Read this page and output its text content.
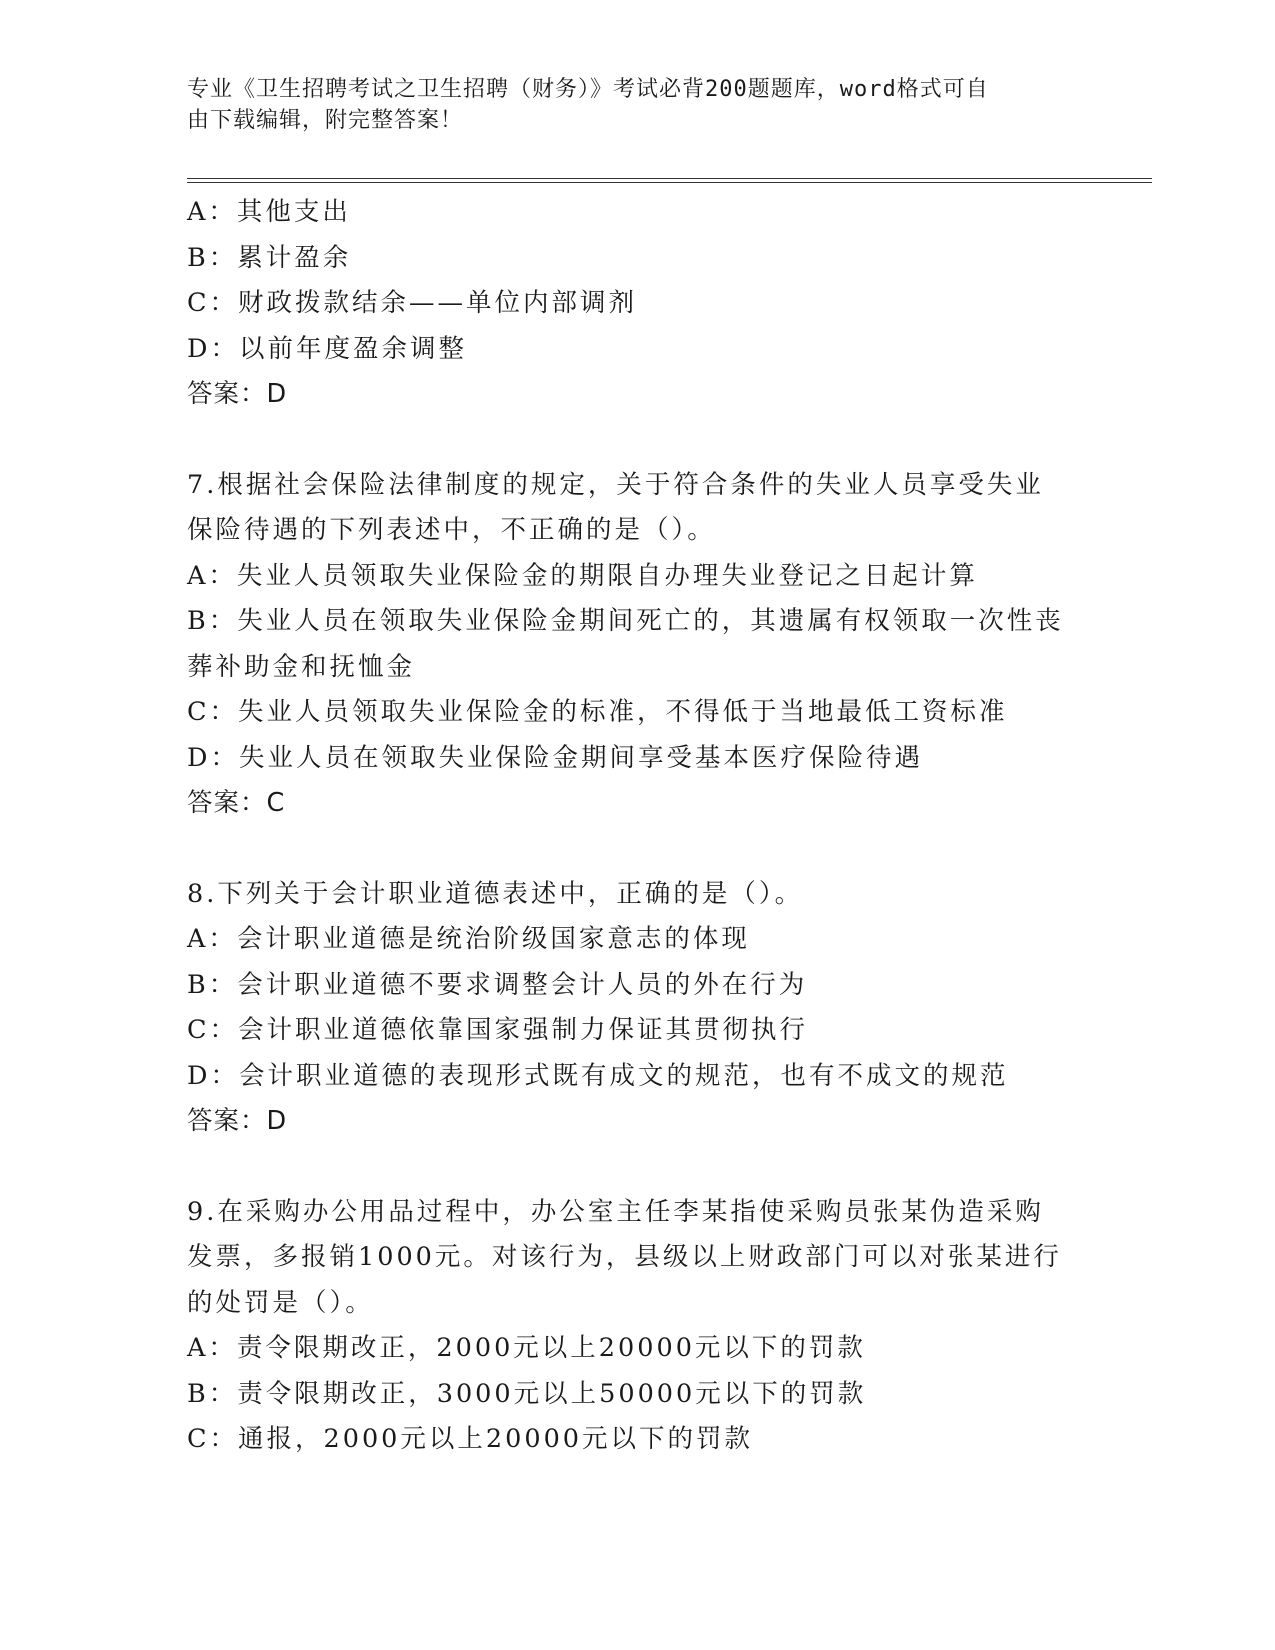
专业《卫生招聘考试之卫生招聘（财务）》考试必背200题题库，word格式可自
由下载编辑，附完整答案！
A：其他支出
B：累计盈余
C：财政拨款结余——单位内部调剂
D：以前年度盈余调整
答案：D
7.根据社会保险法律制度的规定，关于符合条件的失业人员享受失业
保险待遇的下列表述中，不正确的是（）。
A：失业人员领取失业保险金的期限自办理失业登记之日起计算
B：失业人员在领取失业保险金期间死亡的，其遗属有权领取一次性丧
葬补助金和抚恤金
C：失业人员领取失业保险金的标准，不得低于当地最低工资标准
D：失业人员在领取失业保险金期间享受基本医疗保险待遇
答案：C
8.下列关于会计职业道德表述中，正确的是（）。
A：会计职业道德是统治阶级国家意志的体现
B：会计职业道德不要求调整会计人员的外在行为
C：会计职业道德依靠国家强制力保证其贯彻执行
D：会计职业道德的表现形式既有成文的规范，也有不成文的规范
答案：D
9.在采购办公用品过程中，办公室主任李某指使采购员张某伪造采购
发票，多报销1000元。对该行为，县级以上财政部门可以对张某进行
的处罚是（）。
A：责令限期改正，2000元以上20000元以下的罚款
B：责令限期改正，3000元以上50000元以下的罚款
C：通报，2000元以上20000元以下的罚款
